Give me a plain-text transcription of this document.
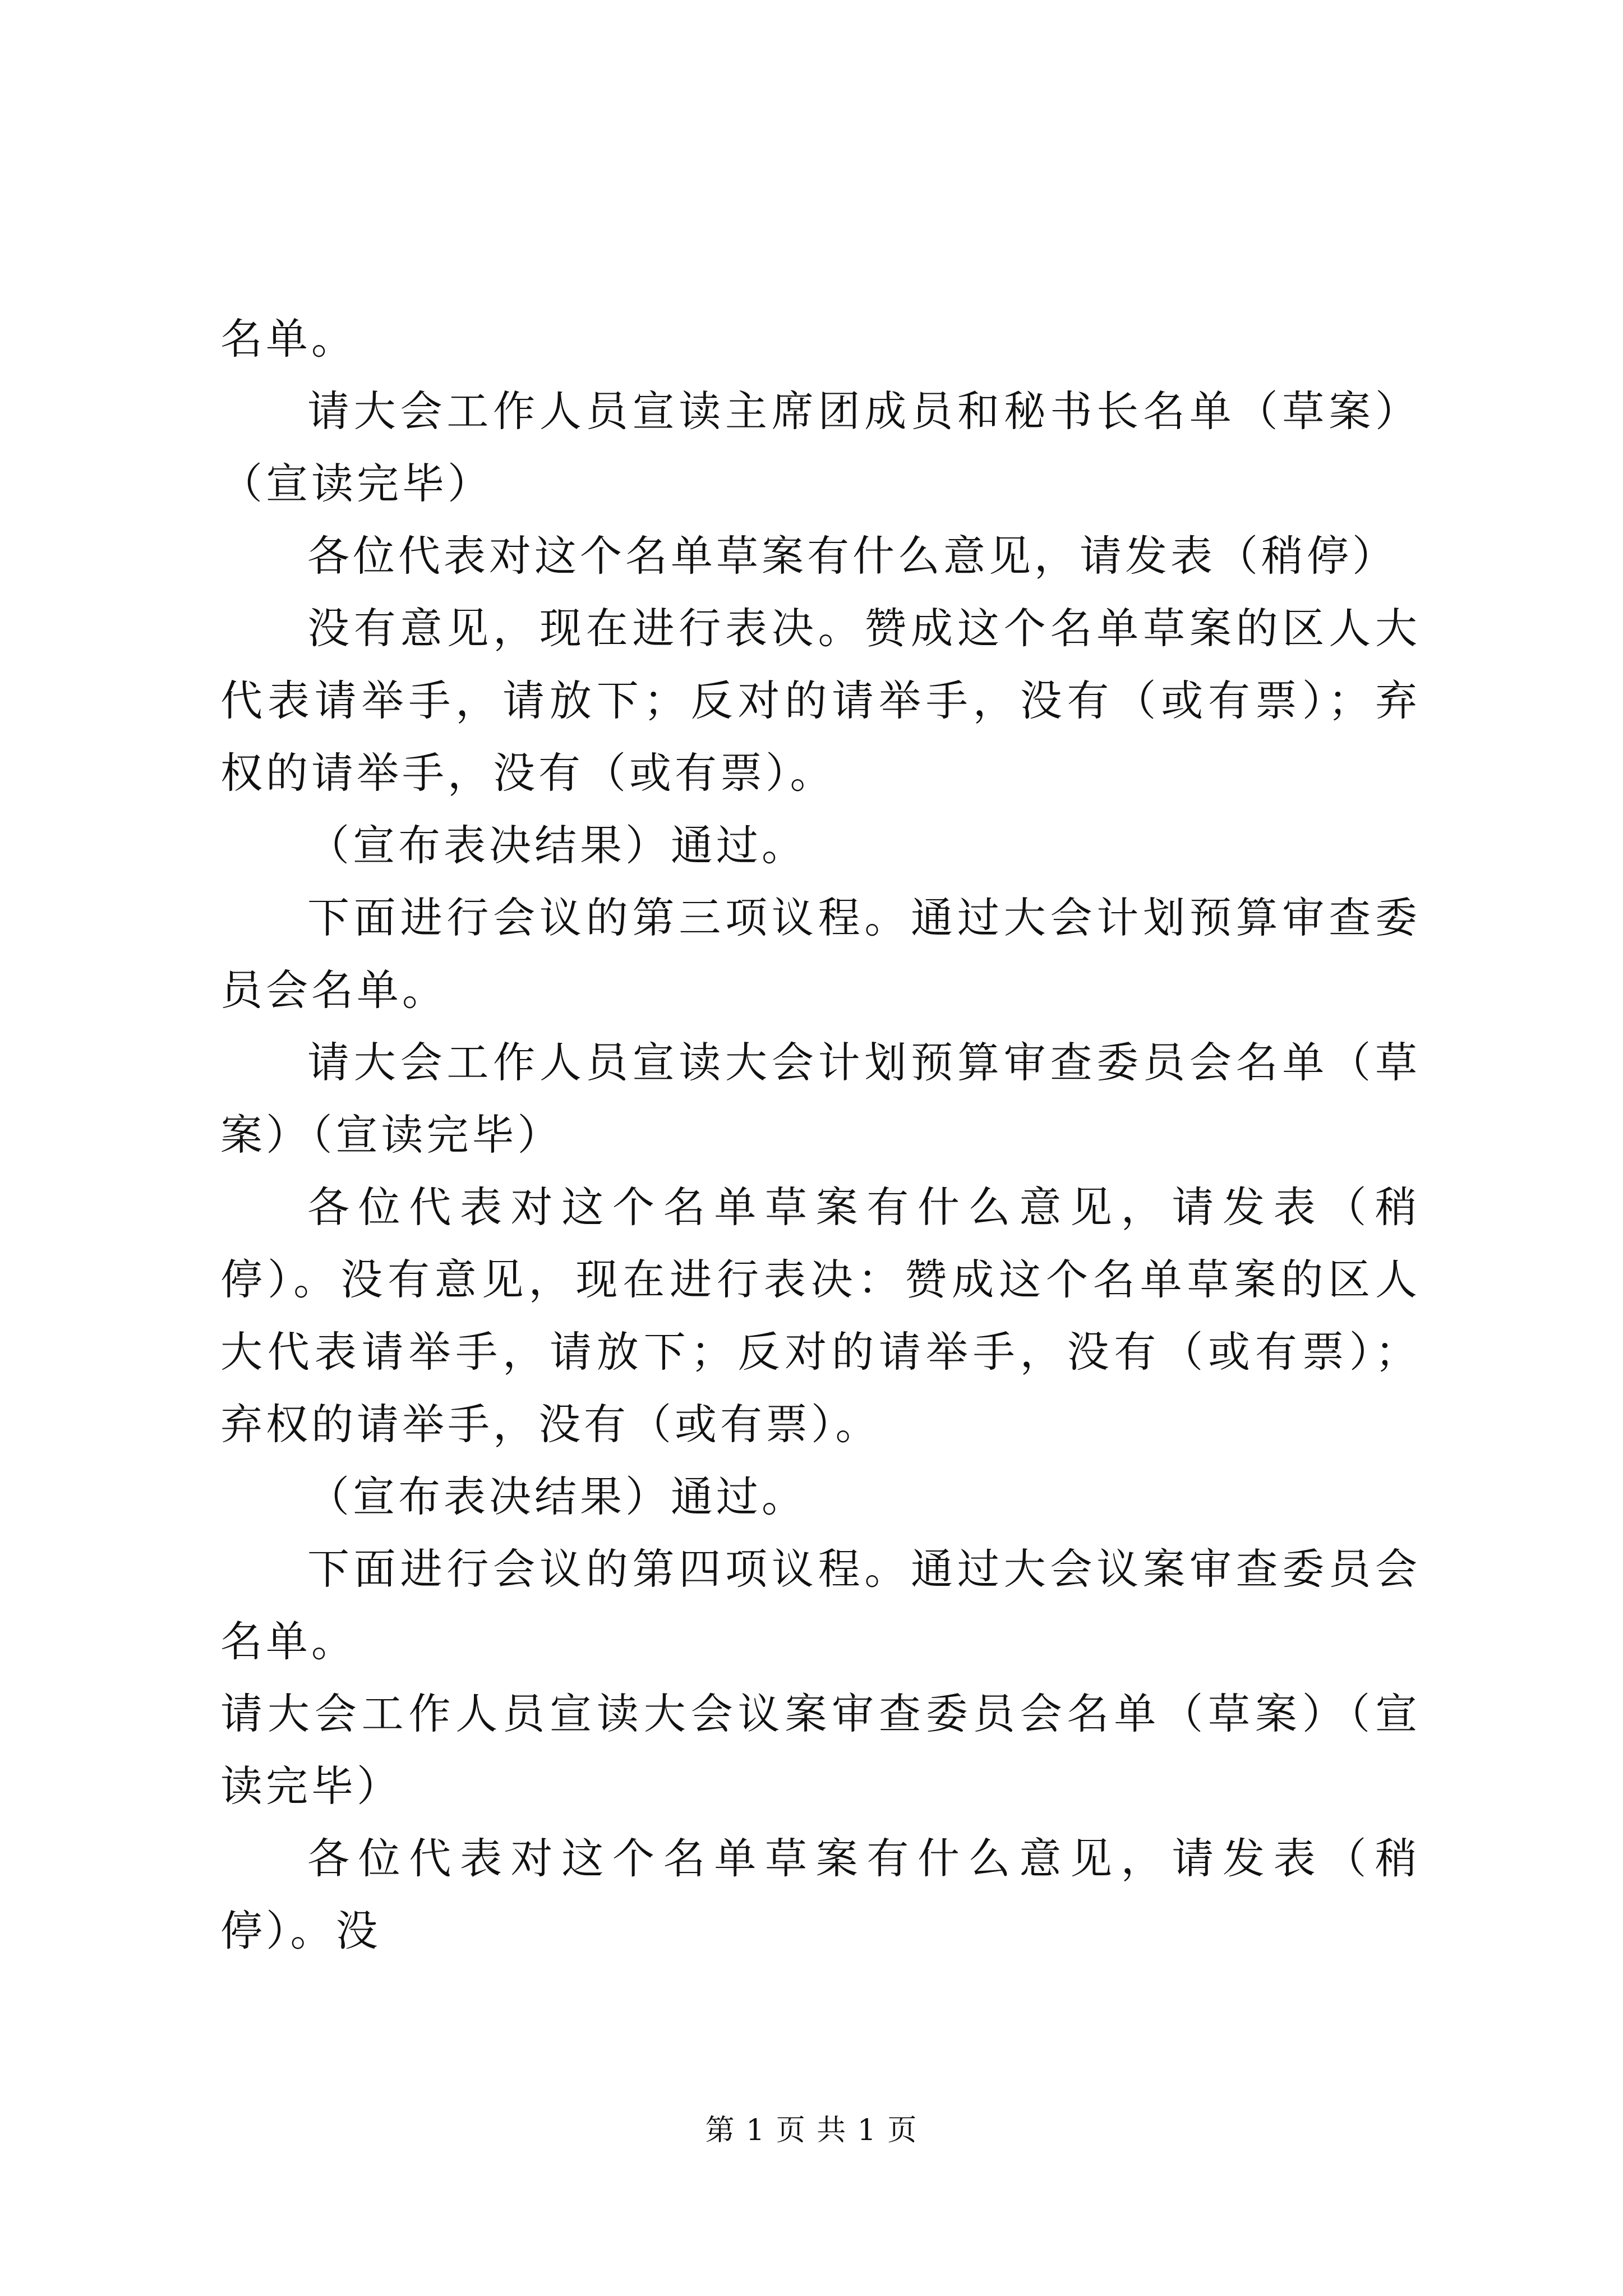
名单。

请大会工作人员宣读主席团成员和秘书长名单（草案）（宣读完毕）

各位代表对这个名单草案有什么意见，请发表（稍停）

没有意见，现在进行表决。赞成这个名单草案的区人大代表请举手，请放下；反对的请举手，没有（或有票）；弃权的请举手，没有（或有票）。

（宣布表决结果）通过。

下面进行会议的第三项议程。通过大会计划预算审查委员会名单。

请大会工作人员宣读大会计划预算审查委员会名单（草案）（宣读完毕）

各位代表对这个名单草案有什么意见，请发表（稍停）。没有意见，现在进行表决：赞成这个名单草案的区人大代表请举手，请放下；反对的请举手，没有（或有票）；弃权的请举手，没有（或有票）。

（宣布表决结果）通过。

下面进行会议的第四项议程。通过大会议案审查委员会名单。

请大会工作人员宣读大会议案审查委员会名单（草案）（宣读完毕）

各位代表对这个名单草案有什么意见，请发表（稍停）。没

第 1 页 共 1 页
